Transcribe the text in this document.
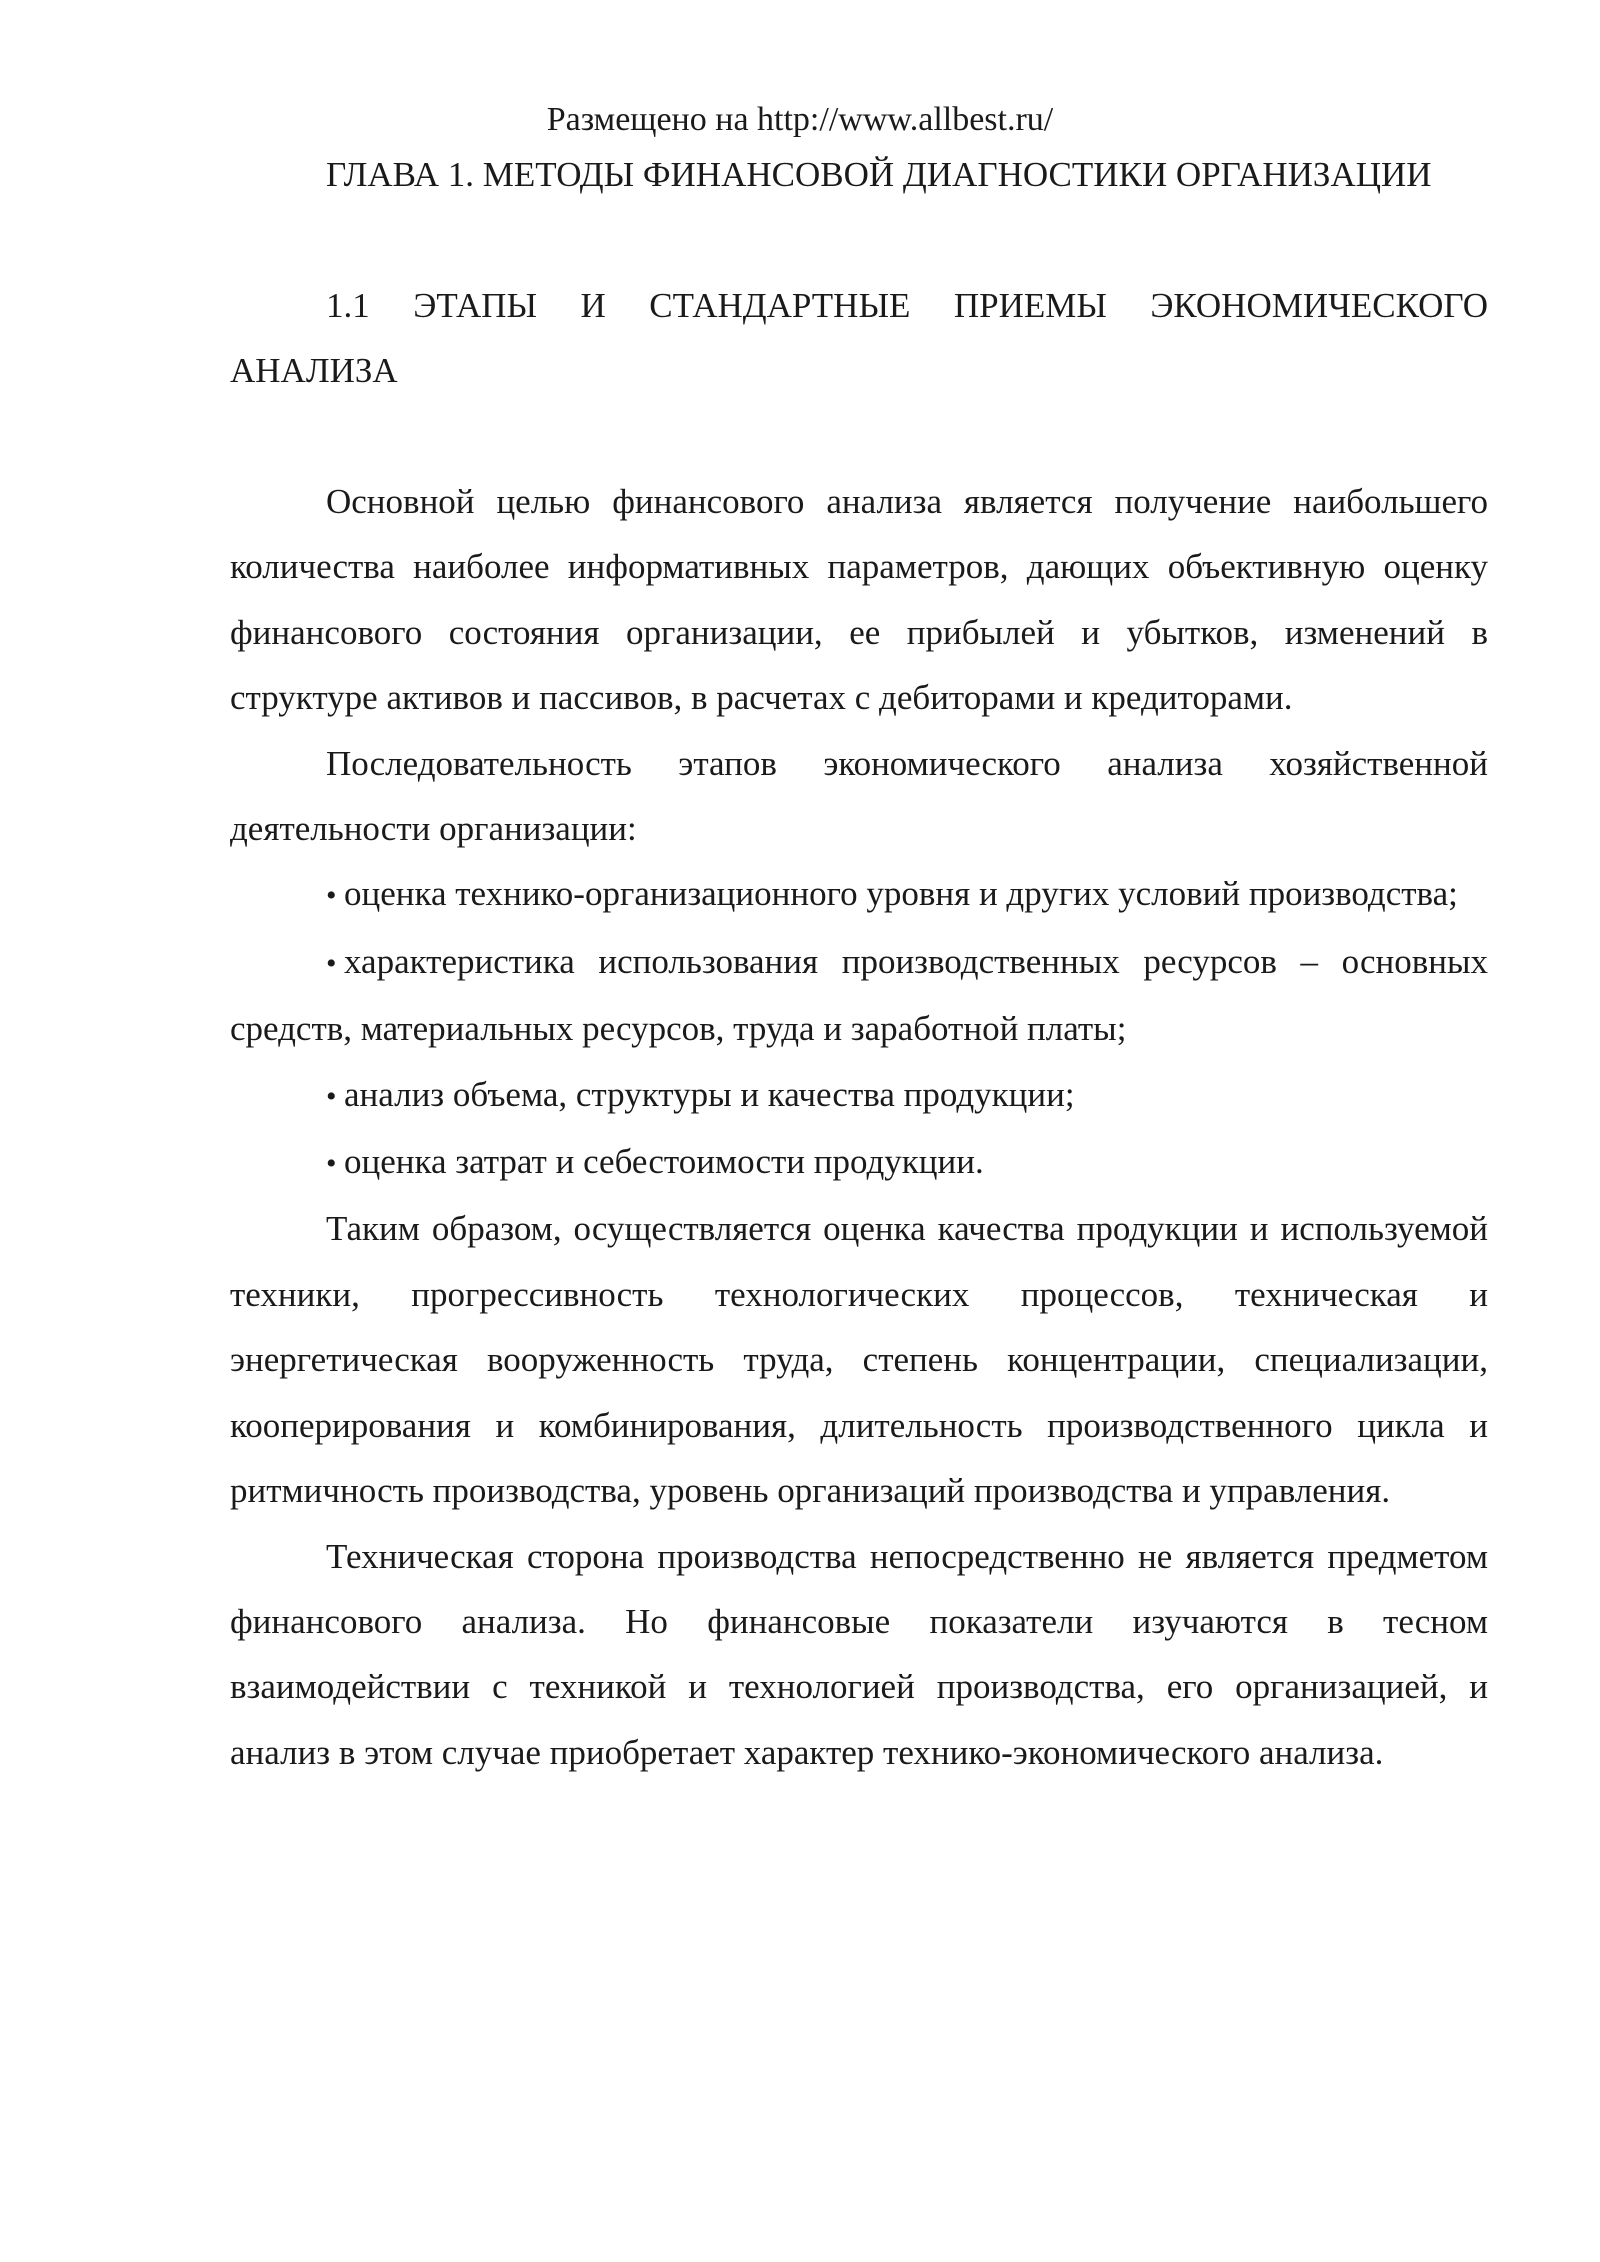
Размещено на http://www.allbest.ru/

ГЛАВА 1. МЕТОДЫ ФИНАНСОВОЙ ДИАГНОСТИКИ ОРГАНИЗАЦИИ

1.1 ЭТАПЫ И СТАНДАРТНЫЕ ПРИЕМЫ ЭКОНОМИЧЕСКОГО АНАЛИЗА

Основной целью финансового анализа является получение наибольшего количества наиболее информативных параметров, дающих объективную оценку финансового состояния организации, ее прибылей и убытков, изменений в структуре активов и пассивов, в расчетах с дебиторами и кредиторами.

Последовательность этапов экономического анализа хозяйственной деятельности организации:

• оценка технико-организационного уровня и других условий производства;

• характеристика использования производственных ресурсов – основных средств, материальных ресурсов, труда и заработной платы;

• анализ объема, структуры и качества продукции;

• оценка затрат и себестоимости продукции.

Таким образом, осуществляется оценка качества продукции и используемой техники, прогрессивность технологических процессов, техническая и энергетическая вооруженность труда, степень концентрации, специализации, кооперирования и комбинирования, длительность производственного цикла и ритмичность производства, уровень организаций производства и управления.

Техническая сторона производства непосредственно не является предметом финансового анализа. Но финансовые показатели изучаются в тесном взаимодействии с техникой и технологией производства, его организацией, и анализ в этом случае приобретает характер технико-экономического анализа.
